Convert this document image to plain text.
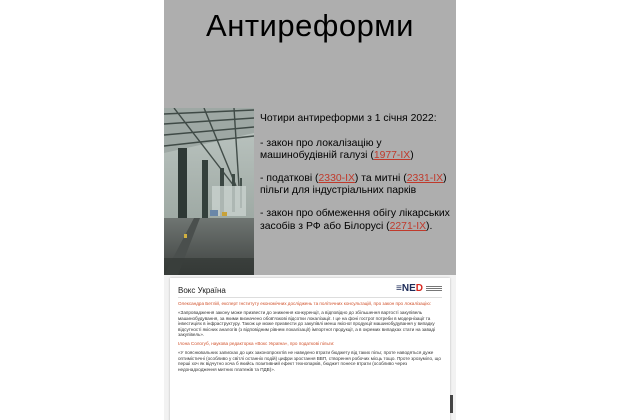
Антиреформи

Чотири антиреформи з 1 січня 2022:

- закон про локалізацію у машинобудівній галузі (1977-IX)

- податкові (2330-IX) та митні (2331-IX) пільги для індустріальних парків

- закон про обмеження обігу лікарських засобів з РФ або Білорусі (2271-IX).

Вокс Україна	≡NED

Олександра Бетлій, експерт Інституту економічних досліджень та політичних консультацій, про закон про локалізацію:

«Запровадження закону може призвести до зниження конкуренції, а відповідно до збільшення вартості закупівель машинобудування, за якими визначено обов'язкові відсотки локалізації. І це на фоні гострої потреби в модернізації та інвестиціях в інфраструктуру. Також це може призвести до закупівлі менш якісної продукції машинобудування у випадку відсутності якісних аналогів (з відповідним рівнем локалізації) імпортної продукції, а в окремих випадках стати на заваді закупівель».

Ілона Сологуб, наукова редакторка «Вокс Україна», про податкові пільги:

«У пояснювальних записках до цих законопроєктів не наведено втрати бюджету від таких пільг, проте наводяться дуже оптимістичні (особливо у світлі останніх подій) цифри зростання ВВП, створення робочих місць тощо. Проте зрозуміло, що перші хоч як відчутно хоча б якийсь позитивний ефект технопарків, бюджет понесе втрати (особливо через недонадходження митних платежів та ПДВ)».
